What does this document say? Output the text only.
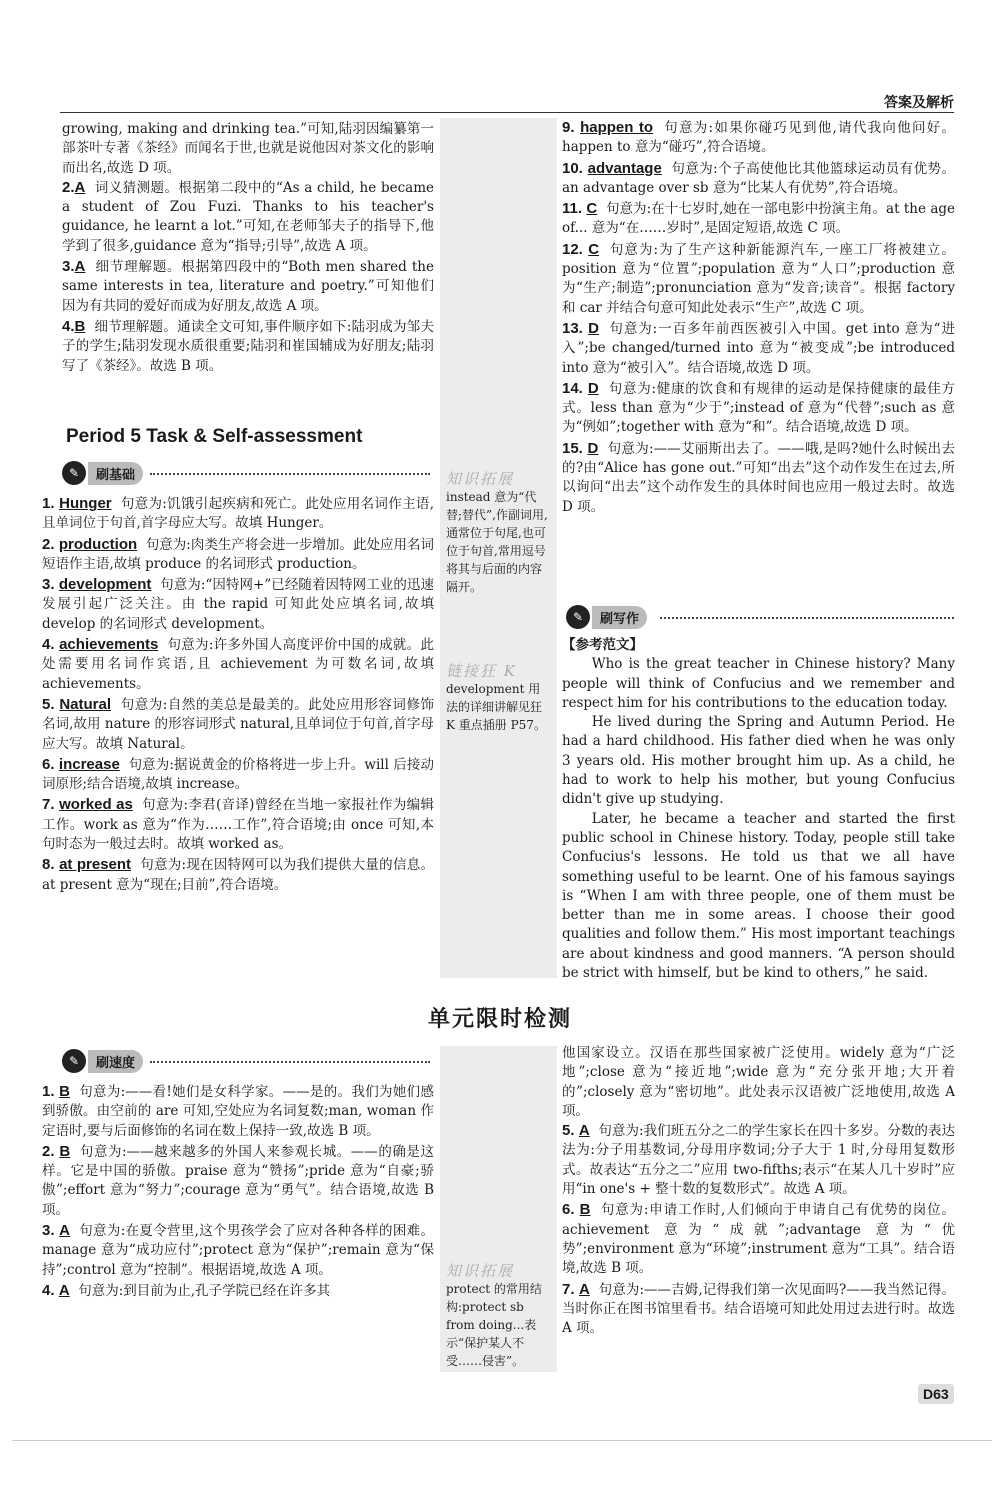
答案及解析

growing, making and drinking tea.”可知,陆羽因编纂第一部茶叶专著《茶经》而闻名于世,也就是说他因对茶文化的影响而出名,故选 D 项。

2.A 词义猜测题。根据第二段中的“As a child, he became a student of Zou Fuzi. Thanks to his teacher's guidance, he learnt a lot.”可知,在老师邹夫子的指导下,他学到了很多,guidance 意为“指导;引导”,故选 A 项。

3.A 细节理解题。根据第四段中的“Both men shared the same interests in tea, literature and poetry.”可知他们因为有共同的爱好而成为好朋友,故选 A 项。

4.B 细节理解题。通读全文可知,事件顺序如下:陆羽成为邹夫子的学生;陆羽发现水质很重要;陆羽和崔国辅成为好朋友;陆羽写了《茶经》。故选 B 项。

Period 5 Task & Self-assessment
✎	刷基础

1. Hunger 句意为:饥饿引起疾病和死亡。此处应用名词作主语,且单词位于句首,首字母应大写。故填 Hunger。

2. production 句意为:肉类生产将会进一步增加。此处应用名词短语作主语,故填 produce 的名词形式 production。

3. development 句意为:“因特网+”已经随着因特网工业的迅速发展引起广泛关注。由 the rapid 可知此处应填名词,故填 develop 的名词形式 development。

4. achievements 句意为:许多外国人高度评价中国的成就。此处需要用名词作宾语,且 achievement 为可数名词,故填 achievements。

5. Natural 句意为:自然的美总是最美的。此处应用形容词修饰名词,故用 nature 的形容词形式 natural,且单词位于句首,首字母应大写。故填 Natural。

6. increase 句意为:据说黄金的价格将进一步上升。will 后接动词原形;结合语境,故填 increase。

7. worked as 句意为:李君(音译)曾经在当地一家报社作为编辑工作。work as 意为“作为……工作”,符合语境;由 once 可知,本句时态为一般过去时。故填 worked as。

8. at present 句意为:现在因特网可以为我们提供大量的信息。at present 意为“现在;目前”,符合语境。

知识拓展
instead 意为“代替;替代”,作副词用,通常位于句尾,也可位于句首,常用逗号将其与后面的内容隔开。
链接狂 K
development 用法的详细讲解见狂 K 重点插册 P57。

9. happen to 句意为:如果你碰巧见到他,请代我向他问好。happen to 意为“碰巧”,符合语境。

10. advantage 句意为:个子高使他比其他篮球运动员有优势。an advantage over sb 意为“比某人有优势”,符合语境。

11. C 句意为:在十七岁时,她在一部电影中扮演主角。at the age of... 意为“在……岁时”,是固定短语,故选 C 项。

12. C 句意为:为了生产这种新能源汽车,一座工厂将被建立。position 意为“位置”;population 意为“人口”;production 意为“生产;制造”;pronunciation 意为“发音;读音”。根据 factory 和 car 并结合句意可知此处表示“生产”,故选 C 项。

13. D 句意为:一百多年前西医被引入中国。get into 意为“进入”;be changed/turned into 意为“被变成”;be introduced into 意为“被引入”。结合语境,故选 D 项。

14. D 句意为:健康的饮食和有规律的运动是保持健康的最佳方式。less than 意为“少于”;instead of 意为“代替”;such as 意为“例如”;together with 意为“和”。结合语境,故选 D 项。

15. D 句意为:——艾丽斯出去了。——哦,是吗?她什么时候出去的?由“Alice has gone out.”可知“出去”这个动作发生在过去,所以询问“出去”这个动作发生的具体时间也应用一般过去时。故选 D 项。

✎	刷写作
【参考范文】

Who is the great teacher in Chinese history? Many people will think of Confucius and we remember and respect him for his contributions to the education today.

He lived during the Spring and Autumn Period. He had a hard childhood. His father died when he was only 3 years old. His mother brought him up. As a child, he had to work to help his mother, but young Confucius didn't give up studying.

Later, he became a teacher and started the first public school in Chinese history. Today, people still take Confucius's lessons. He told us that we all have something useful to be learnt. One of his famous sayings is “When I am with three people, one of them must be better than me in some areas. I choose their good qualities and follow them.” His most important teachings are about kindness and good manners. “A person should be strict with himself, but be kind to others,” he said.

单元限时检测
✎	刷速度

1. B 句意为:——看!她们是女科学家。——是的。我们为她们感到骄傲。由空前的 are 可知,空处应为名词复数;man, woman 作定语时,要与后面修饰的名词在数上保持一致,故选 B 项。

2. B 句意为:——越来越多的外国人来参观长城。——的确是这样。它是中国的骄傲。praise 意为“赞扬”;pride 意为“自豪;骄傲”;effort 意为“努力”;courage 意为“勇气”。结合语境,故选 B 项。

3. A 句意为:在夏令营里,这个男孩学会了应对各种各样的困难。manage 意为“成功应付”;protect 意为“保护”;remain 意为“保持”;control 意为“控制”。根据语境,故选 A 项。

4. A 句意为:到目前为止,孔子学院已经在许多其

知识拓展
protect 的常用结构:protect sb from doing...表示“保护某人不受……侵害”。

他国家设立。汉语在那些国家被广泛使用。widely 意为“广泛地”;close 意为“接近地”;wide 意为“充分张开地;大开着的”;closely 意为“密切地”。此处表示汉语被广泛地使用,故选 A 项。

5. A 句意为:我们班五分之二的学生家长在四十多岁。分数的表达法为:分子用基数词,分母用序数词;分子大于 1 时,分母用复数形式。故表达“五分之二”应用 two-fifths;表示“在某人几十岁时”应用“in one's + 整十数的复数形式”。故选 A 项。

6. B 句意为:申请工作时,人们倾向于申请自己有优势的岗位。achievement 意为“成就”;advantage 意为“优势”;environment 意为“环境”;instrument 意为“工具”。结合语境,故选 B 项。

7. A 句意为:——吉姆,记得我们第一次见面吗?——我当然记得。当时你正在图书馆里看书。结合语境可知此处用过去进行时。故选 A 项。

D63
